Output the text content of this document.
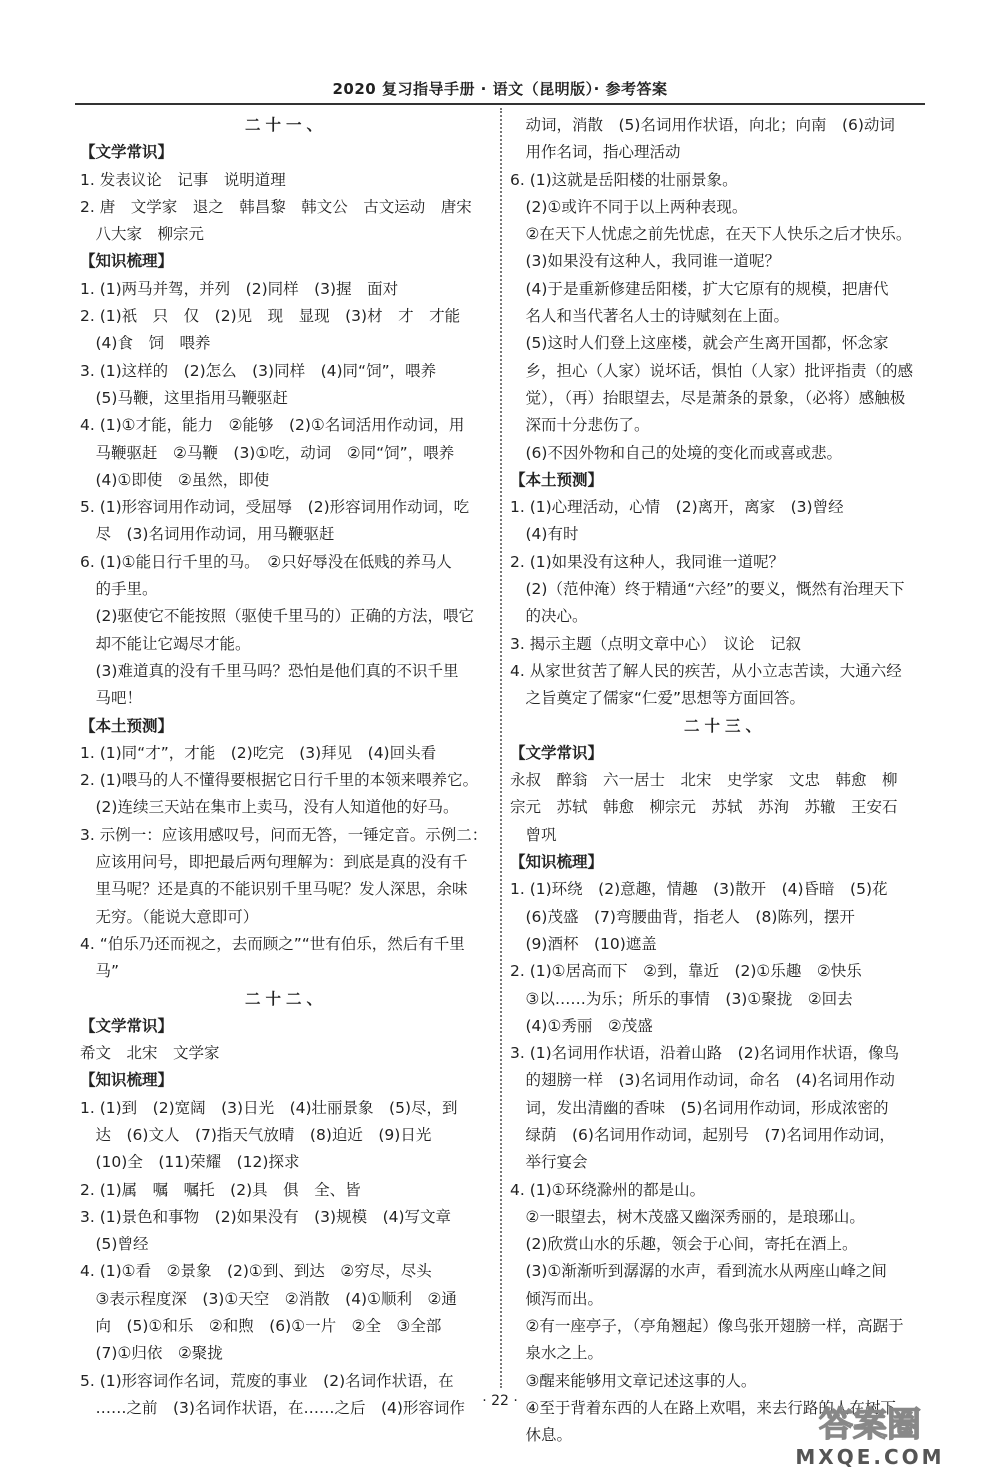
2020 复习指导手册 · 语文（昆明版）· 参考答案
二十一、
【文学常识】
1. 发表议论　记事　说明道理
2. 唐　文学家　退之　韩昌黎　韩文公　古文运动　唐宋
　八大家　柳宗元
【知识梳理】
1. (1)两马并驾，并列　(2)同样　(3)握　面对
2. (1)祇　只　仅　(2)见　现　显现　(3)材　才　才能
　(4)食　饲　喂养
3. (1)这样的　(2)怎么　(3)同样　(4)同“饲”，喂养
　(5)马鞭，这里指用马鞭驱赶
4. (1)①才能，能力　②能够　(2)①名词活用作动词，用
　马鞭驱赶　②马鞭　(3)①吃，动词　②同“饲”，喂养
　(4)①即使　②虽然，即使
5. (1)形容词用作动词，受屈辱　(2)形容词用作动词，吃
　尽　(3)名词用作动词，用马鞭驱赶
6. (1)①能日行千里的马。　②只好辱没在低贱的养马人
　的手里。
　(2)驱使它不能按照（驱使千里马的）正确的方法，喂它
　却不能让它竭尽才能。
　(3)难道真的没有千里马吗？恐怕是他们真的不识千里
　马吧！
【本土预测】
1. (1)同“才”，才能　(2)吃完　(3)拜见　(4)回头看
2. (1)喂马的人不懂得要根据它日行千里的本领来喂养它。
　(2)连续三天站在集市上卖马，没有人知道他的好马。
3. 示例一：应该用感叹号，问而无答，一锤定音。示例二：
　应该用问号，即把最后两句理解为：到底是真的没有千
　里马呢？还是真的不能识别千里马呢？发人深思，余味
　无穷。（能说大意即可）
4. “伯乐乃还而视之，去而顾之”“世有伯乐，然后有千里
　马”
二十二、
【文学常识】
希文　北宋　文学家
【知识梳理】
1. (1)到　(2)宽阔　(3)日光　(4)壮丽景象　(5)尽，到
　达　(6)文人　(7)指天气放晴　(8)迫近　(9)日光
　(10)全　(11)荣耀　(12)探求
2. (1)属　嘱　嘱托　(2)具　俱　全、皆
3. (1)景色和事物　(2)如果没有　(3)规模　(4)写文章
　(5)曾经
4. (1)①看　②景象　(2)①到、到达　②穷尽，尽头
　③表示程度深　(3)①天空　②消散　(4)①顺利　②通
　向　(5)①和乐　②和煦　(6)①一片　②全　③全部
　(7)①归依　②聚拢
5. (1)形容词作名词，荒废的事业　(2)名词作状语，在
　……之前　(3)名词作状语，在……之后　(4)形容词作
　动词，消散　(5)名词用作状语，向北；向南　(6)动词
　用作名词，指心理活动
6. (1)这就是岳阳楼的壮丽景象。
　(2)①或许不同于以上两种表现。
　②在天下人忧虑之前先忧虑，在天下人快乐之后才快乐。
　(3)如果没有这种人，我同谁一道呢？
　(4)于是重新修建岳阳楼，扩大它原有的规模，把唐代
　名人和当代著名人士的诗赋刻在上面。
　(5)这时人们登上这座楼，就会产生离开国都，怀念家
　乡，担心（人家）说坏话，惧怕（人家）批评指责（的感
　觉），（再）抬眼望去，尽是萧条的景象，（必将）感触极
　深而十分悲伤了。
　(6)不因外物和自己的处境的变化而或喜或悲。
【本土预测】
1. (1)心理活动，心情　(2)离开，离家　(3)曾经
　(4)有时
2. (1)如果没有这种人，我同谁一道呢？
　(2)（范仲淹）终于精通“六经”的要义，慨然有治理天下
　的决心。
3. 揭示主题（点明文章中心）　议论　记叙
4. 从家世贫苦了解人民的疾苦，从小立志苦读，大通六经
　之旨奠定了儒家“仁爱”思想等方面回答。
二十三、
【文学常识】
永叔　醉翁　六一居士　北宋　史学家　文忠　韩愈　柳
宗元　苏轼　韩愈　柳宗元　苏轼　苏洵　苏辙　王安石
　曾巩
【知识梳理】
1. (1)环绕　(2)意趣，情趣　(3)散开　(4)昏暗　(5)花
　(6)茂盛　(7)弯腰曲背，指老人　(8)陈列，摆开
　(9)酒杯　(10)遮盖
2. (1)①居高而下　②到，靠近　(2)①乐趣　②快乐
　③以……为乐；所乐的事情　(3)①聚拢　②回去
　(4)①秀丽　②茂盛
3. (1)名词用作状语，沿着山路　(2)名词用作状语，像鸟
　的翅膀一样　(3)名词用作动词，命名　(4)名词用作动
　词，发出清幽的香味　(5)名词用作动词，形成浓密的
　绿荫　(6)名词用作动词，起别号　(7)名词用作动词，
　举行宴会
4. (1)①环绕滁州的都是山。
　②一眼望去，树木茂盛又幽深秀丽的，是琅琊山。
　(2)欣赏山水的乐趣，领会于心间，寄托在酒上。
　(3)①渐渐听到潺潺的水声，看到流水从两座山峰之间
　倾泻而出。
　②有一座亭子，（亭角翘起）像鸟张开翅膀一样，高踞于
　泉水之上。
　③醒来能够用文章记述这事的人。
　④至于背着东西的人在路上欢唱，来去行路的人在树下
　休息。
· 22 ·
答案圈
MXQE.COM
